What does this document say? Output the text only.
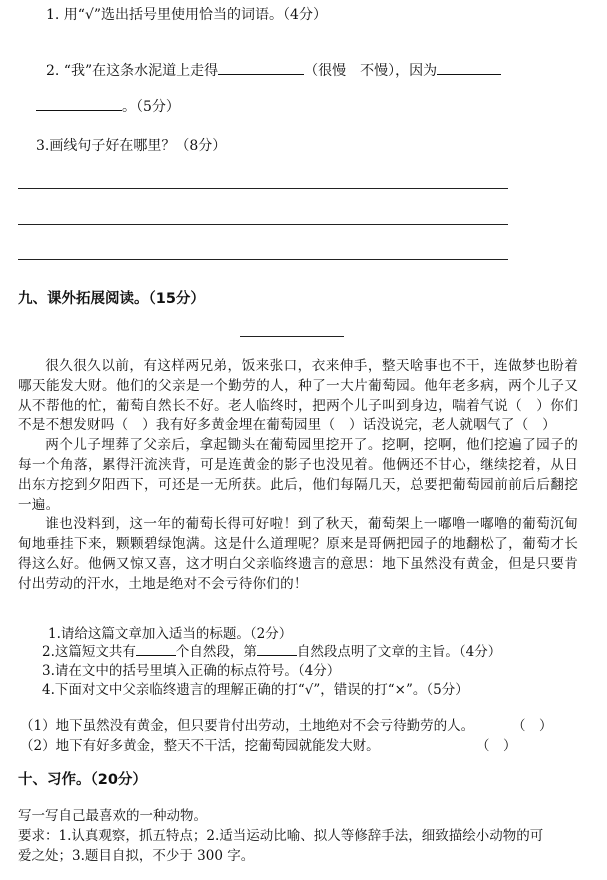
1. 用“√”选出括号里使用恰当的词语。（4分）
2. “我”在这条水泥道上走得	（很慢　不慢），因为
。（5分）
3.画线句子好在哪里？（8分）
九、课外拓展阅读。（15分）

很久很久以前，有这样两兄弟，饭来张口，衣来伸手，整天啥事也不干，连做梦也盼着哪天能发大财。他们的父亲是一个勤劳的人，种了一大片葡萄园。他年老多病，两个儿子又从不帮他的忙，葡萄自然长不好。老人临终时，把两个儿子叫到身边，喘着气说（　）你们不是不想发财吗（　）我有好多黄金埋在葡萄园里（　）话没说完，老人就咽气了（　）

两个儿子埋葬了父亲后，拿起锄头在葡萄园里挖开了。挖啊，挖啊，他们挖遍了园子的每一个角落，累得汗流浃背，可是连黄金的影子也没见着。他俩还不甘心，继续挖着，从日出东方挖到夕阳西下，可还是一无所获。此后，他们每隔几天，总要把葡萄园前前后后翻挖一遍。

谁也没料到，这一年的葡萄长得可好啦！到了秋天，葡萄架上一嘟噜一嘟噜的葡萄沉甸甸地垂挂下来，颗颗碧绿饱满。这是什么道理呢？原来是哥俩把园子的地翻松了，葡萄才长得这么好。他俩又惊又喜，这才明白父亲临终遗言的意思：地下虽然没有黄金，但是只要肯付出劳动的汗水，土地是绝对不会亏待你们的！

1.请给这篇文章加入适当的标题。（2分）
2.这篇短文共有	个自然段，第	自然段点明了文章的主旨。（4分）
3.请在文中的括号里填入正确的标点符号。（4分）
4.下面对文中父亲临终遗言的理解正确的打“√”，错误的打“×”。（5分）
（1）地下虽然没有黄金，但只要肯付出劳动，土地绝对不会亏待勤劳的人。	（　）
（2）地下有好多黄金，整天不干活，挖葡萄园就能发大财。	（　）
十、习作。（20分）
写一写自己最喜欢的一种动物。
要求：1.认真观察，抓五特点；2.适当运动比喻、拟人等修辞手法，细致描绘小动物的可
爱之处；3.题目自拟，不少于 300 字。
